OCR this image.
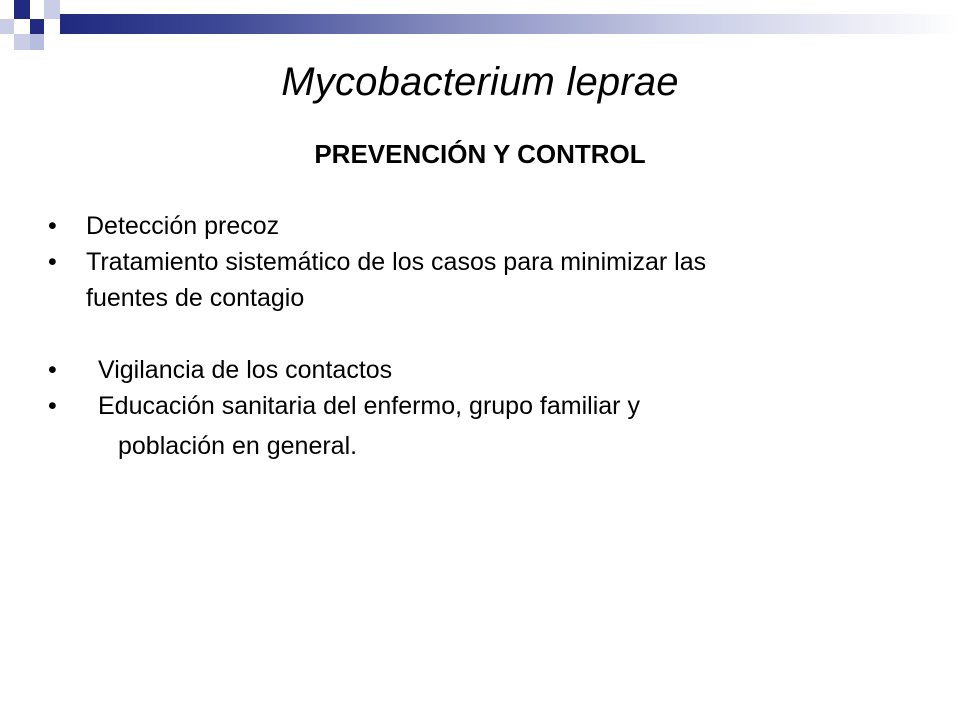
Mycobacterium leprae
PREVENCIÓN Y CONTROL
•	Detección precoz
•	Tratamiento sistemático de los casos para minimizar las
fuentes de contagio
•	Vigilancia de los contactos
•	Educación sanitaria del enfermo, grupo familiar y
población en general.
